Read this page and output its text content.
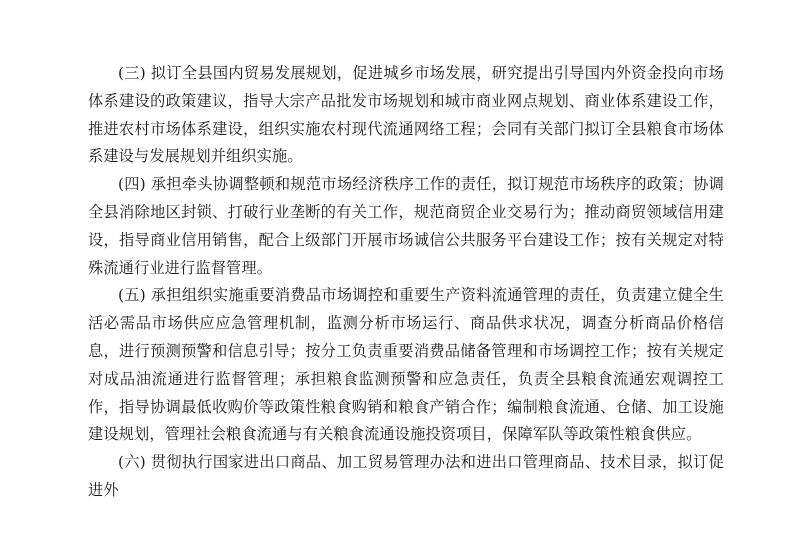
(三) 拟订全县国内贸易发展规划，促进城乡市场发展，研究提出引导国内外资金投向市场体系建设的政策建议，指导大宗产品批发市场规划和城市商业网点规划、商业体系建设工作，推进农村市场体系建设，组织实施农村现代流通网络工程；会同有关部门拟订全县粮食市场体系建设与发展规划并组织实施。

(四) 承担牵头协调整顿和规范市场经济秩序工作的责任，拟订规范市场秩序的政策；协调全县消除地区封锁、打破行业垄断的有关工作，规范商贸企业交易行为；推动商贸领域信用建设，指导商业信用销售，配合上级部门开展市场诚信公共服务平台建设工作；按有关规定对特殊流通行业进行监督管理。

(五) 承担组织实施重要消费品市场调控和重要生产资料流通管理的责任，负责建立健全生活必需品市场供应应急管理机制，监测分析市场运行、商品供求状况，调查分析商品价格信息，进行预测预警和信息引导；按分工负责重要消费品储备管理和市场调控工作；按有关规定对成品油流通进行监督管理；承担粮食监测预警和应急责任，负责全县粮食流通宏观调控工作，指导协调最低收购价等政策性粮食购销和粮食产销合作；编制粮食流通、仓储、加工设施建设规划，管理社会粮食流通与有关粮食流通设施投资项目，保障军队等政策性粮食供应。

(六) 贯彻执行国家进出口商品、加工贸易管理办法和进出口管理商品、技术目录，拟订促进外
